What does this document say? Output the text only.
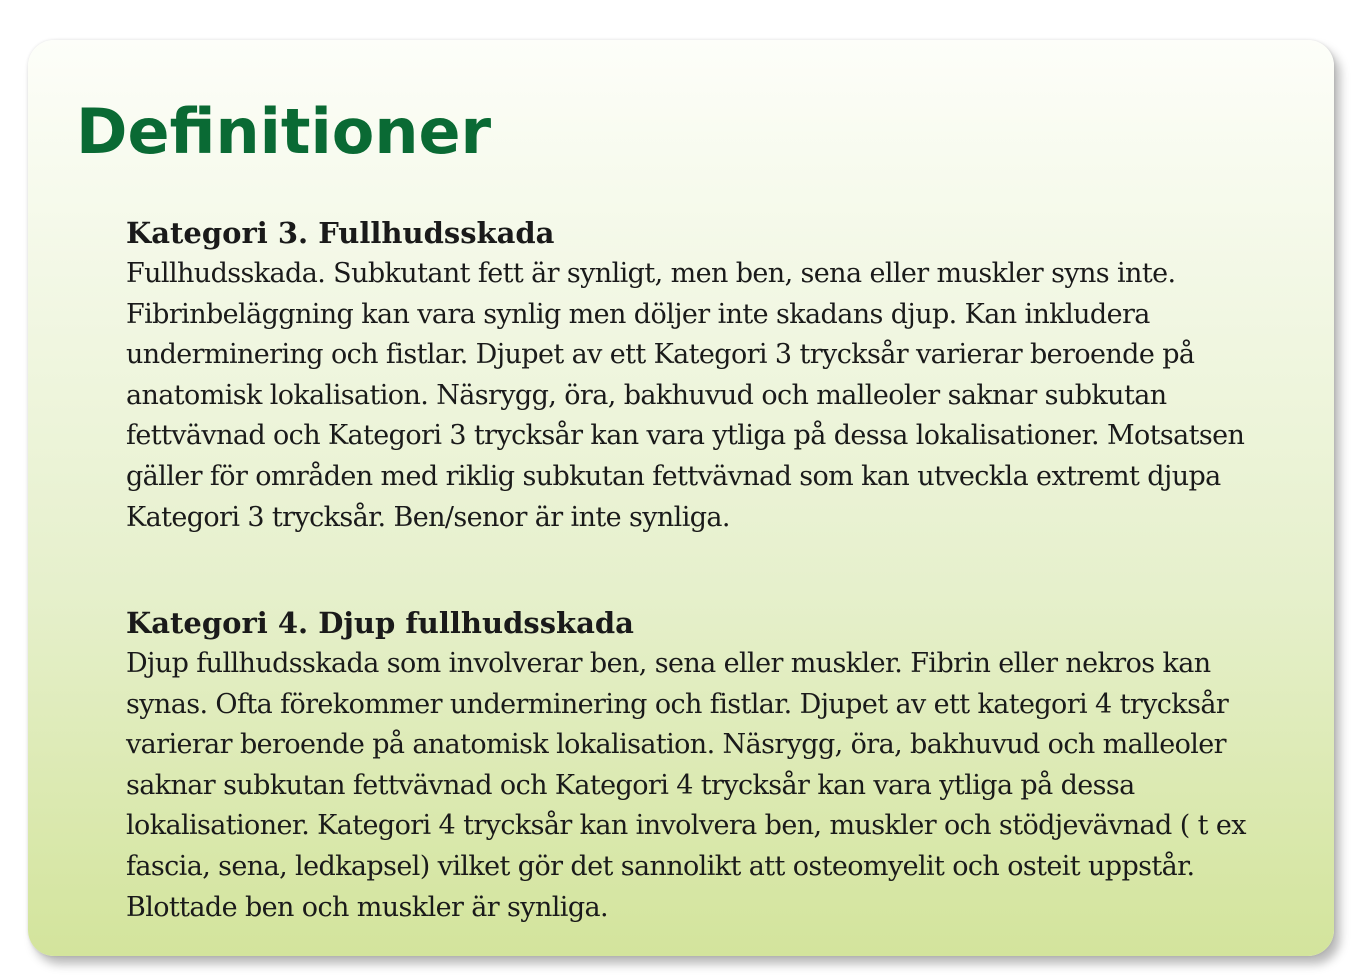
Definitioner

Kategori 3. Fullhudsskada

Fullhudsskada. Subkutant fett är synligt, men ben, sena eller muskler syns inte.

Fibrinbeläggning kan vara synlig men döljer inte skadans djup. Kan inkludera

underminering och fistlar. Djupet av ett Kategori 3 trycksår varierar beroende på

anatomisk lokalisation. Näsrygg, öra, bakhuvud och malleoler saknar subkutan

fettvävnad och Kategori 3 trycksår kan vara ytliga på dessa lokalisationer. Motsatsen

gäller för områden med riklig subkutan fettvävnad som kan utveckla extremt djupa

Kategori 3 trycksår. Ben/senor är inte synliga.

Kategori 4. Djup fullhudsskada

Djup fullhudsskada som involverar ben, sena eller muskler. Fibrin eller nekros kan

synas. Ofta förekommer underminering och fistlar. Djupet av ett kategori 4 trycksår

varierar beroende på anatomisk lokalisation. Näsrygg, öra, bakhuvud och malleoler

saknar subkutan fettvävnad och Kategori 4 trycksår kan vara ytliga på dessa

lokalisationer. Kategori 4 trycksår kan involvera ben, muskler och stödjevävnad ( t ex

fascia, sena, ledkapsel) vilket gör det sannolikt att osteomyelit och osteit uppstår.

Blottade ben och muskler är synliga.
